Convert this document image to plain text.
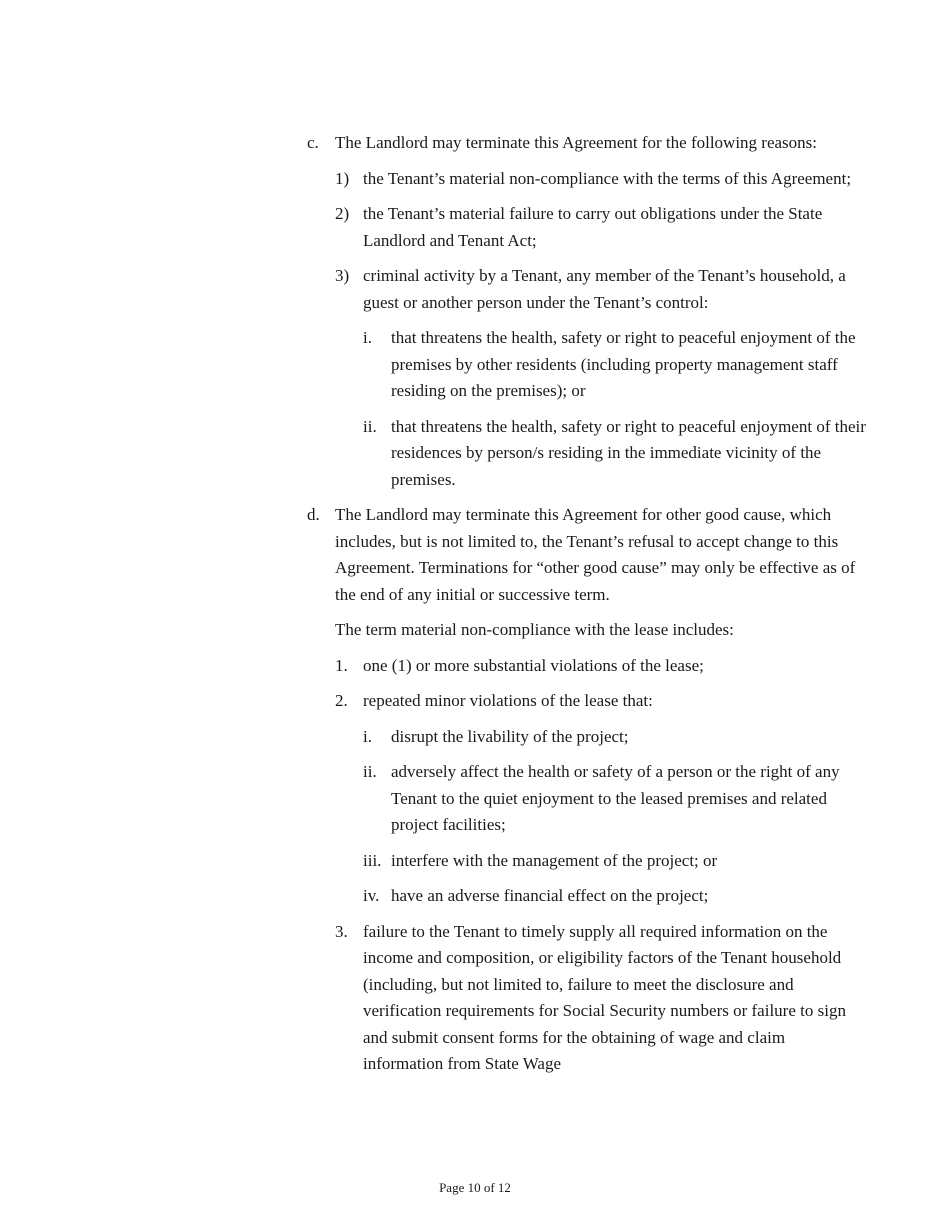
c. The Landlord may terminate this Agreement for the following reasons:
1) the Tenant’s material non-compliance with the terms of this Agreement;
2) the Tenant’s material failure to carry out obligations under the State Landlord and Tenant Act;
3) criminal activity by a Tenant, any member of the Tenant’s household, a guest or another person under the Tenant’s control:
i. that threatens the health, safety or right to peaceful enjoyment of the premises by other residents (including property management staff residing on the premises); or
ii. that threatens the health, safety or right to peaceful enjoyment of their residences by person/s residing in the immediate vicinity of the premises.
d. The Landlord may terminate this Agreement for other good cause, which includes, but is not limited to, the Tenant’s refusal to accept change to this Agreement. Terminations for “other good cause” may only be effective as of the end of any initial or successive term.
The term material non-compliance with the lease includes:
1. one (1) or more substantial violations of the lease;
2. repeated minor violations of the lease that:
i. disrupt the livability of the project;
ii. adversely affect the health or safety of a person or the right of any Tenant to the quiet enjoyment to the leased premises and related project facilities;
iii. interfere with the management of the project; or
iv. have an adverse financial effect on the project;
3. failure to the Tenant to timely supply all required information on the income and composition, or eligibility factors of the Tenant household (including, but not limited to, failure to meet the disclosure and verification requirements for Social Security numbers or failure to sign and submit consent forms for the obtaining of wage and claim information from State Wage
Page 10 of 12
